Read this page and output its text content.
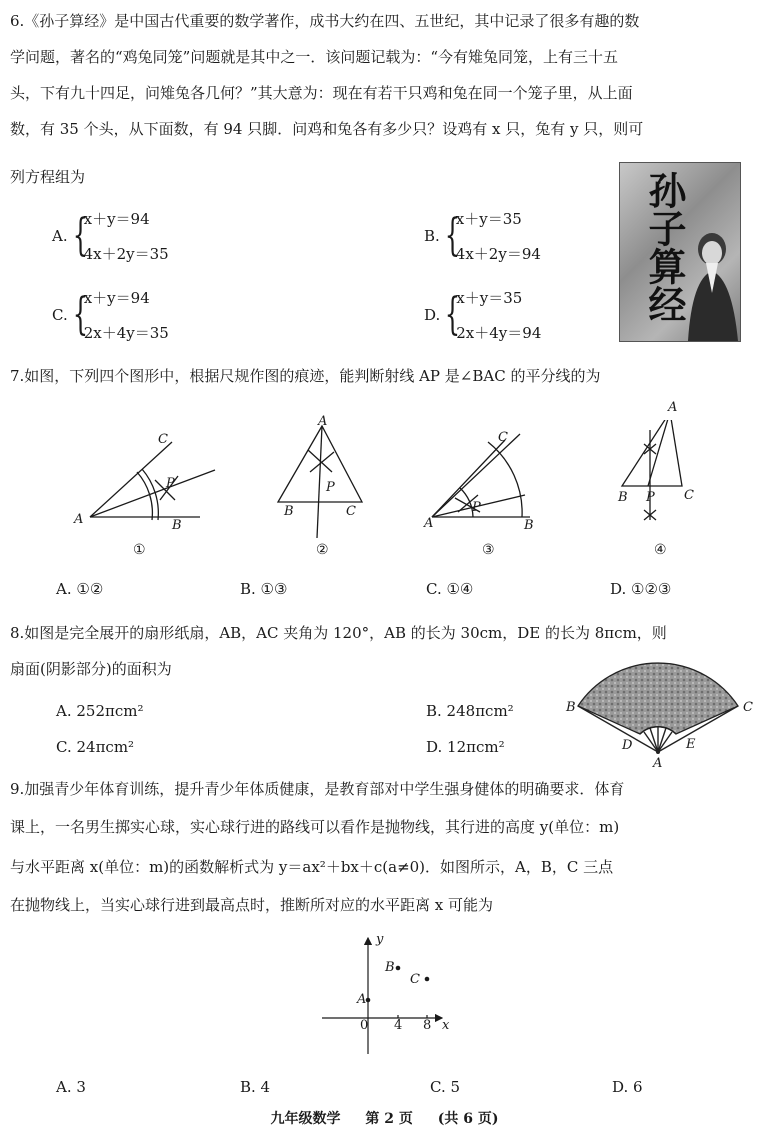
6.《孙子算经》是中国古代重要的数学著作，成书大约在四、五世纪，其中记录了很多有趣的数
学问题，著名的“鸡兔同笼”问题就是其中之一．该问题记载为：“今有雉兔同笼，上有三十五
头，下有九十四足，问雉兔各几何？”其大意为：现在有若干只鸡和兔在同一个笼子里，从上面
数，有 35 个头，从下面数，有 94 只脚．问鸡和兔各有多少只？设鸡有 x 只，兔有 y 只，则可
列方程组为
A. {
x＋y＝94
4x＋2y＝35
B. {
x＋y＝35
4x＋2y＝94
C. {
x＋y＝94
2x＋4y＝35
D. {
x＋y＝35
2x＋4y＝94
孙子算经
7.如图，下列四个图形中，根据尺规作图的痕迹，能判断射线 AP 是∠BAC 的平分线的为
C
A	B
P
A
B	C
P
C
A	B
P
A
B	C
P
①	②	③	④
A. ①②	B. ①③	C. ①④	D. ①②③
8.如图是完全展开的扇形纸扇，AB，AC 夹角为 120°，AB 的长为 30cm，DE 的长为 8πcm，则
扇面(阴影部分)的面积为
A. 252πcm²	B. 248πcm²
C. 24πcm²	D. 12πcm²
B	C
D	E
A
9.加强青少年体育训练，提升青少年体质健康，是教育部对中学生强身健体的明确要求．体育
课上，一名男生掷实心球，实心球行进的路线可以看作是抛物线，其行进的高度 y(单位：m)
与水平距离 x(单位：m)的函数解析式为 y＝ax²＋bx＋c(a≠0)．如图所示，A，B，C 三点
在抛物线上，当实心球行进到最高点时，推断所对应的水平距离 x 可能为
y
x
0 4 8
A
B
C
A. 3	B. 4	C. 5	D. 6
九年级数学 第 2 页 (共 6 页)
